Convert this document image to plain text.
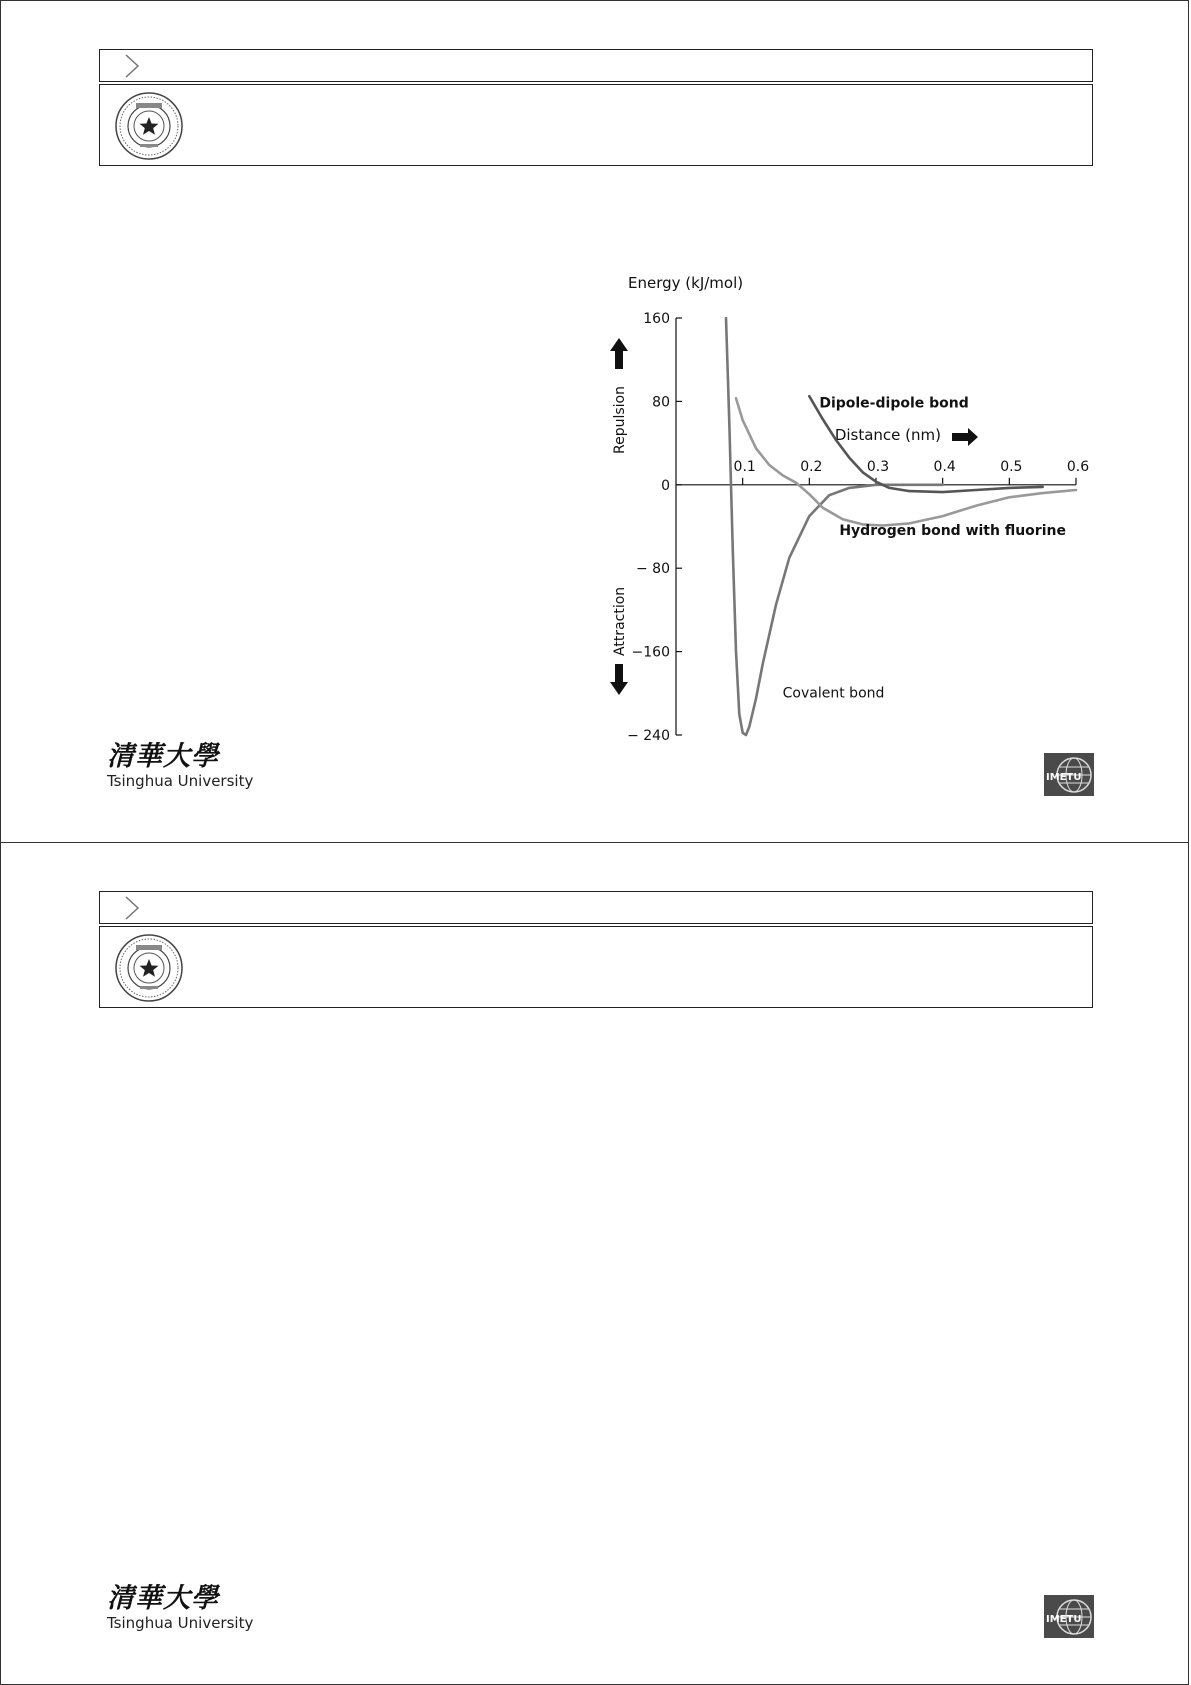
Energy (kJ/mol)
Distance (nm)
Repulsion
Attraction
160
80
0
− 80
−160
− 240
0.1	0.2	0.3	0.4	0.5	0.6
Covalent bond
Hydrogen bond with fluorine
Dipole-dipole bond
清華大學
Tsinghua University	IMETU
清華大學
Tsinghua University	IMETU
